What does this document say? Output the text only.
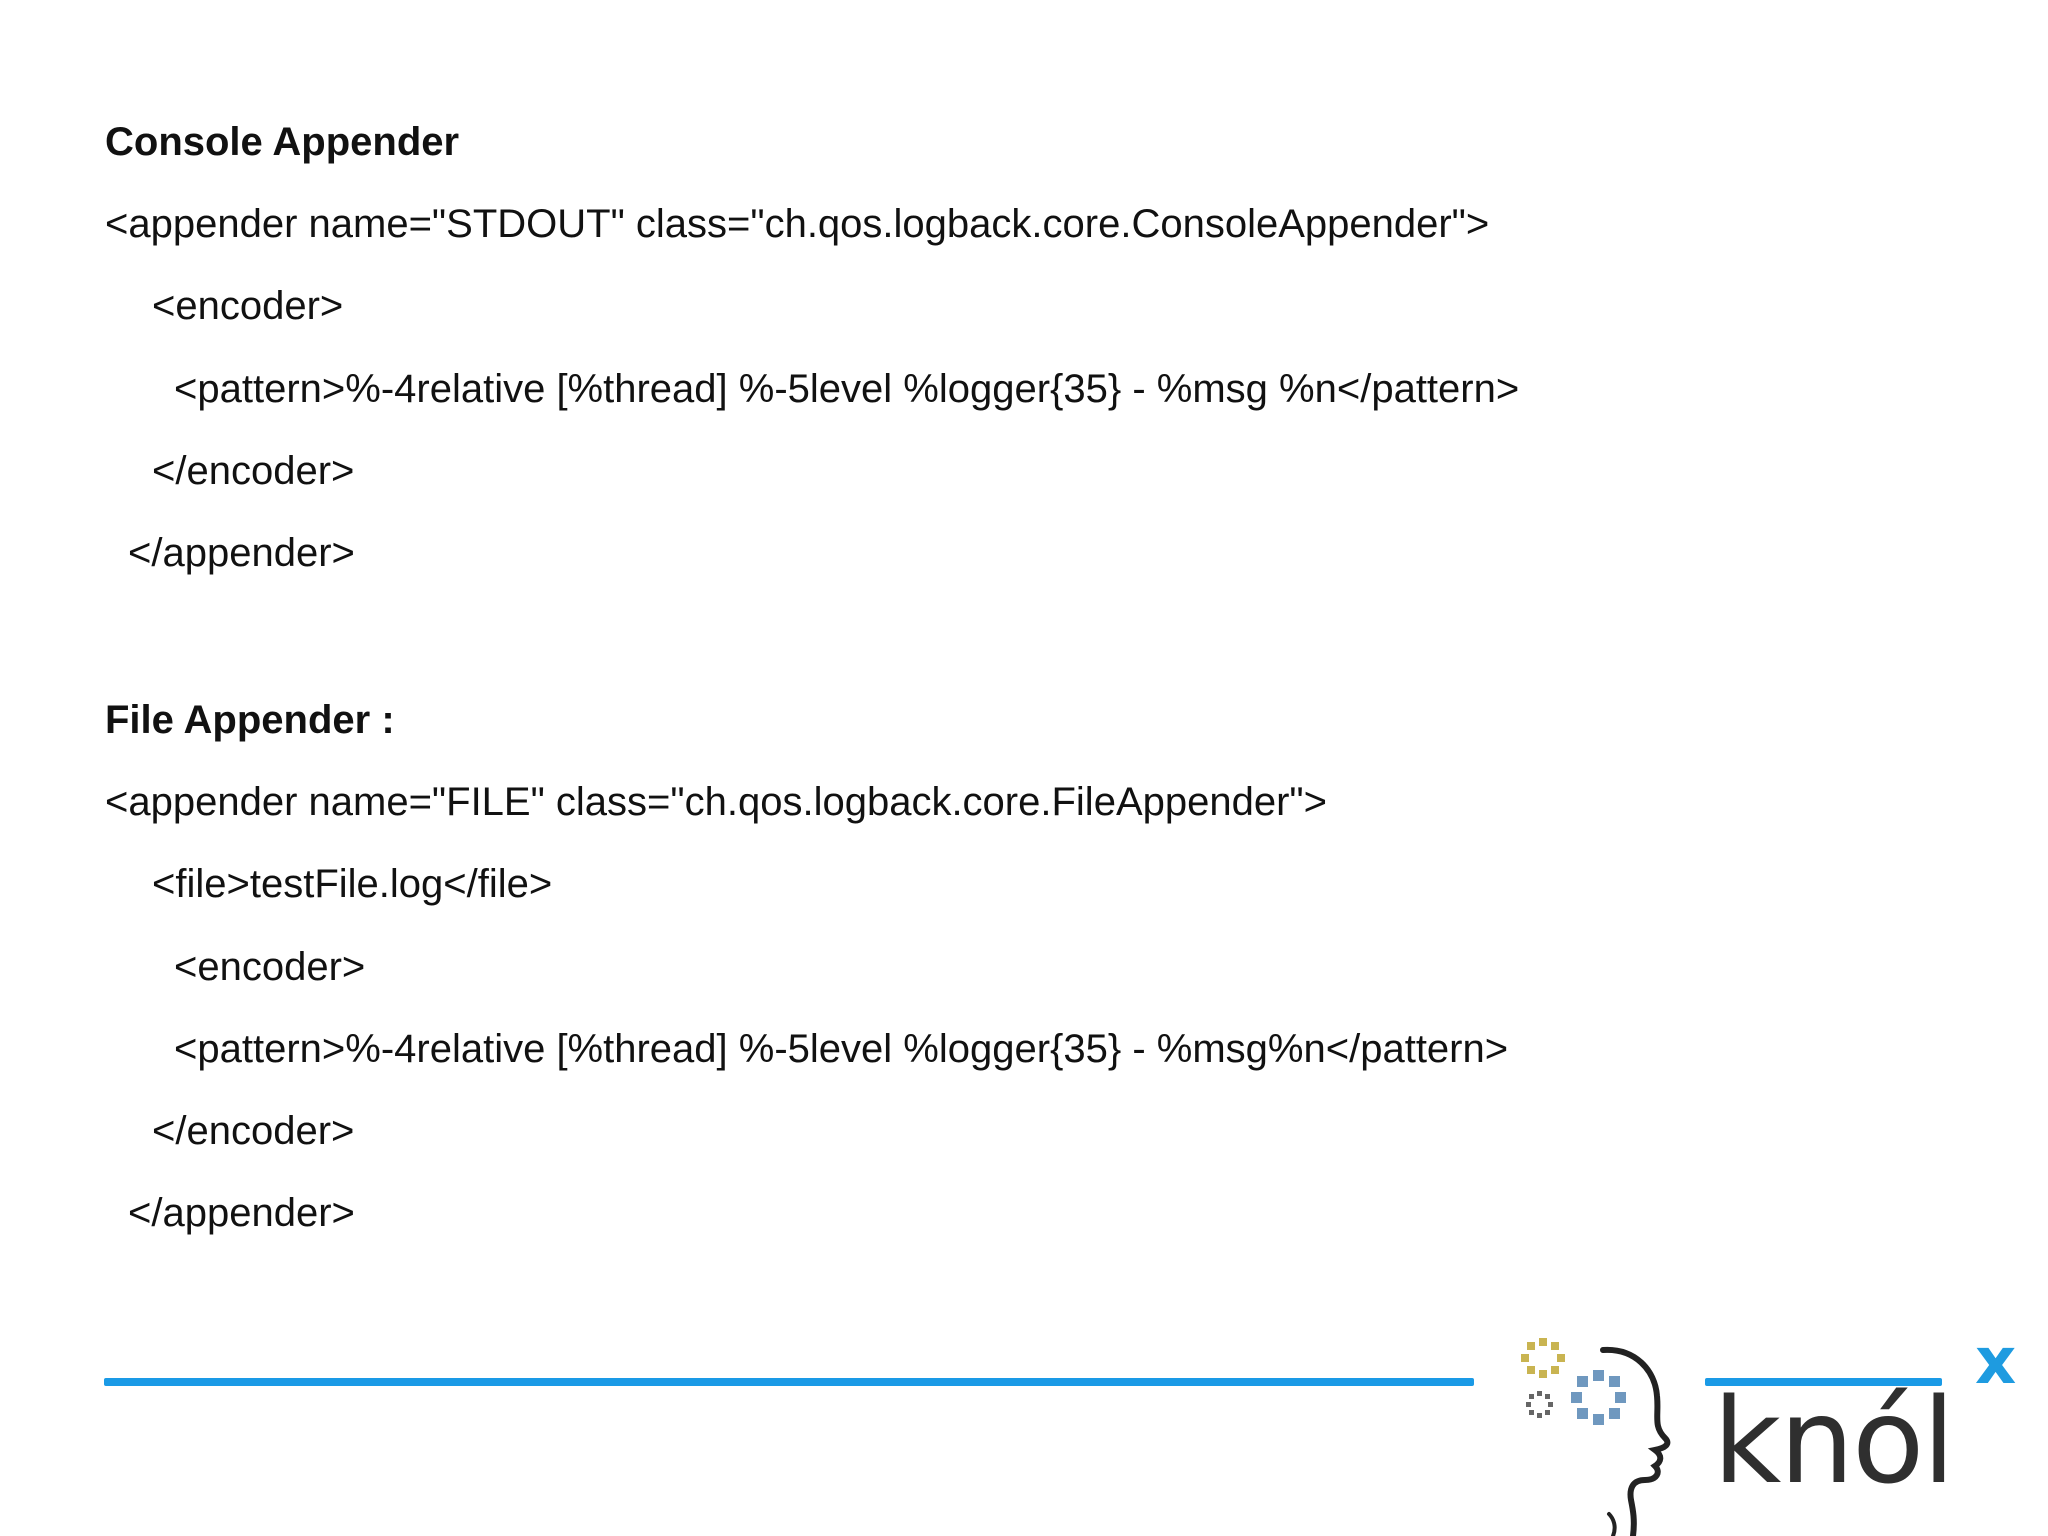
Console Appender
<appender name="STDOUT" class="ch.qos.logback.core.ConsoleAppender">
<encoder>
<pattern>%-4relative [%thread] %-5level %logger{35} - %msg %n</pattern>
</encoder>
</appender>
File Appender :
<appender name="FILE" class="ch.qos.logback.core.FileAppender">
<file>testFile.log</file>
<encoder>
<pattern>%-4relative [%thread] %-5level %logger{35} - %msg%n</pattern>
</encoder>
</appender>
knól
x
